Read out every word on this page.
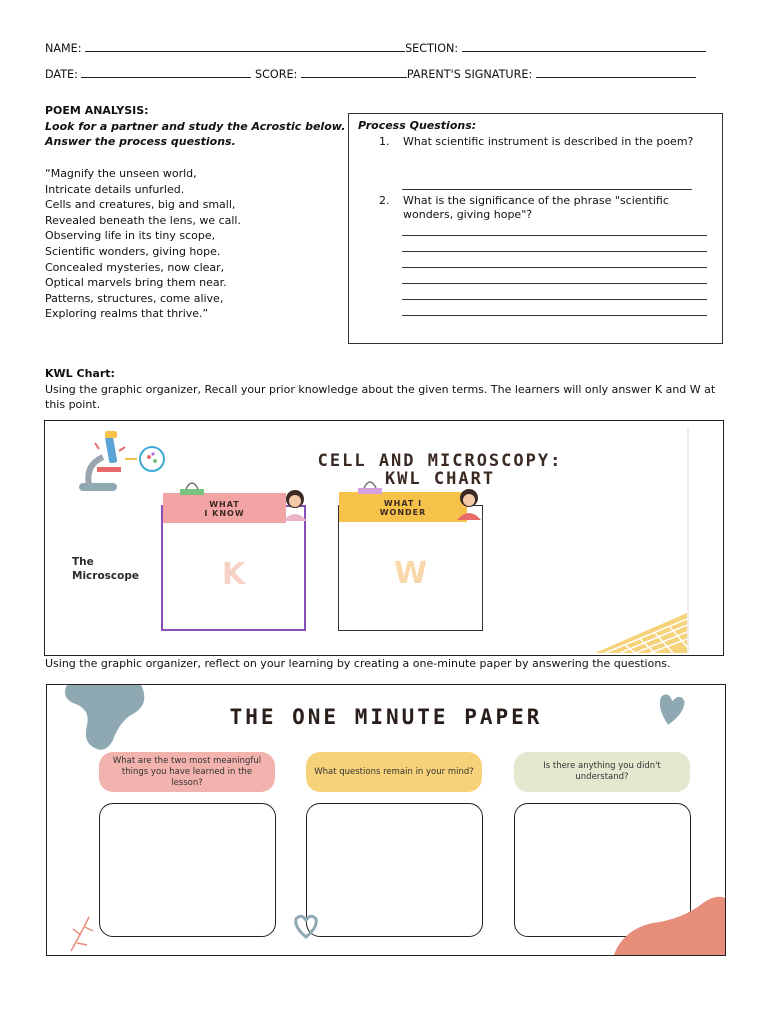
NAME:	SECTION:
DATE:	SCORE:	PARENT'S SIGNATURE:
POEM ANALYSIS:
Look for a partner and study the Acrostic below.
Answer the process questions.
“Magnify the unseen world,
Intricate details unfurled.
Cells and creatures, big and small,
Revealed beneath the lens, we call.
Observing life in its tiny scope,
Scientific wonders, giving hope.
Concealed mysteries, now clear,
Optical marvels bring them near.
Patterns, structures, come alive,
Exploring realms that thrive.”
Process Questions:
1. What scientific instrument is described in the poem?
2. What is the significance of the phrase "scientific wonders, giving hope"?
KWL Chart:
Using the graphic organizer, Recall your prior knowledge about the given terms. The learners will only answer K and W at this point.
CELL AND MICROSCOPY:
KWL CHART
The
Microscope
WHAT
I KNOW
K
WHAT I
WONDER
W
Using the graphic organizer, reflect on your learning by creating a one-minute paper by answering the questions.
THE ONE MINUTE PAPER
What are the two most meaningful things you have learned in the lesson?
What questions remain in your mind?
Is there anything you didn't understand?
